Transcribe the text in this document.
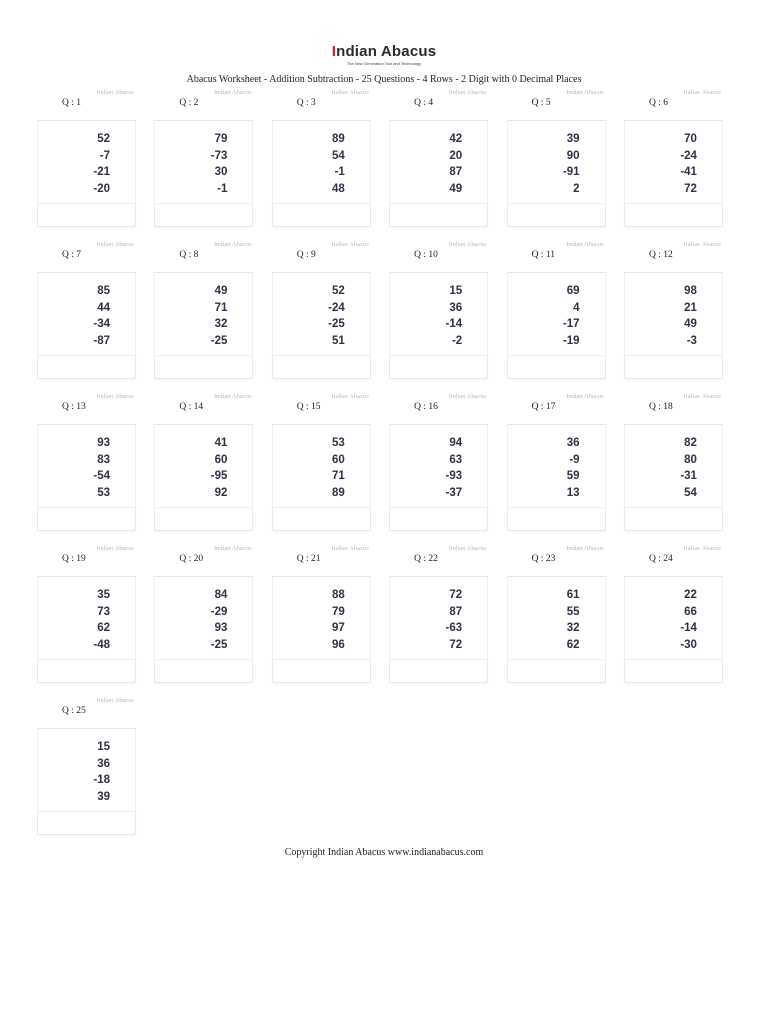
Indian Abacus
The New Generation Tool and Technology
Abacus Worksheet - Addition Subtraction - 25 Questions - 4 Rows - 2 Digit with 0 Decimal Places
Indian Abacus
Q : 1
52
-7
-21
-20
Indian Abacus
Q : 2
79
-73
30
-1
Indian Abacus
Q : 3
89
54
-1
48
Indian Abacus
Q : 4
42
20
87
49
Indian Abacus
Q : 5
39
90
-91
2
Indian Abacus
Q : 6
70
-24
-41
72
Indian Abacus
Q : 7
85
44
-34
-87
Indian Abacus
Q : 8
49
71
32
-25
Indian Abacus
Q : 9
52
-24
-25
51
Indian Abacus
Q : 10
15
36
-14
-2
Indian Abacus
Q : 11
69
4
-17
-19
Indian Abacus
Q : 12
98
21
49
-3
Indian Abacus
Q : 13
93
83
-54
53
Indian Abacus
Q : 14
41
60
-95
92
Indian Abacus
Q : 15
53
60
71
89
Indian Abacus
Q : 16
94
63
-93
-37
Indian Abacus
Q : 17
36
-9
59
13
Indian Abacus
Q : 18
82
80
-31
54
Indian Abacus
Q : 19
35
73
62
-48
Indian Abacus
Q : 20
84
-29
93
-25
Indian Abacus
Q : 21
88
79
97
96
Indian Abacus
Q : 22
72
87
-63
72
Indian Abacus
Q : 23
61
55
32
62
Indian Abacus
Q : 24
22
66
-14
-30
Indian Abacus
Q : 25
15
36
-18
39
Copyright Indian Abacus www.indianabacus.com
